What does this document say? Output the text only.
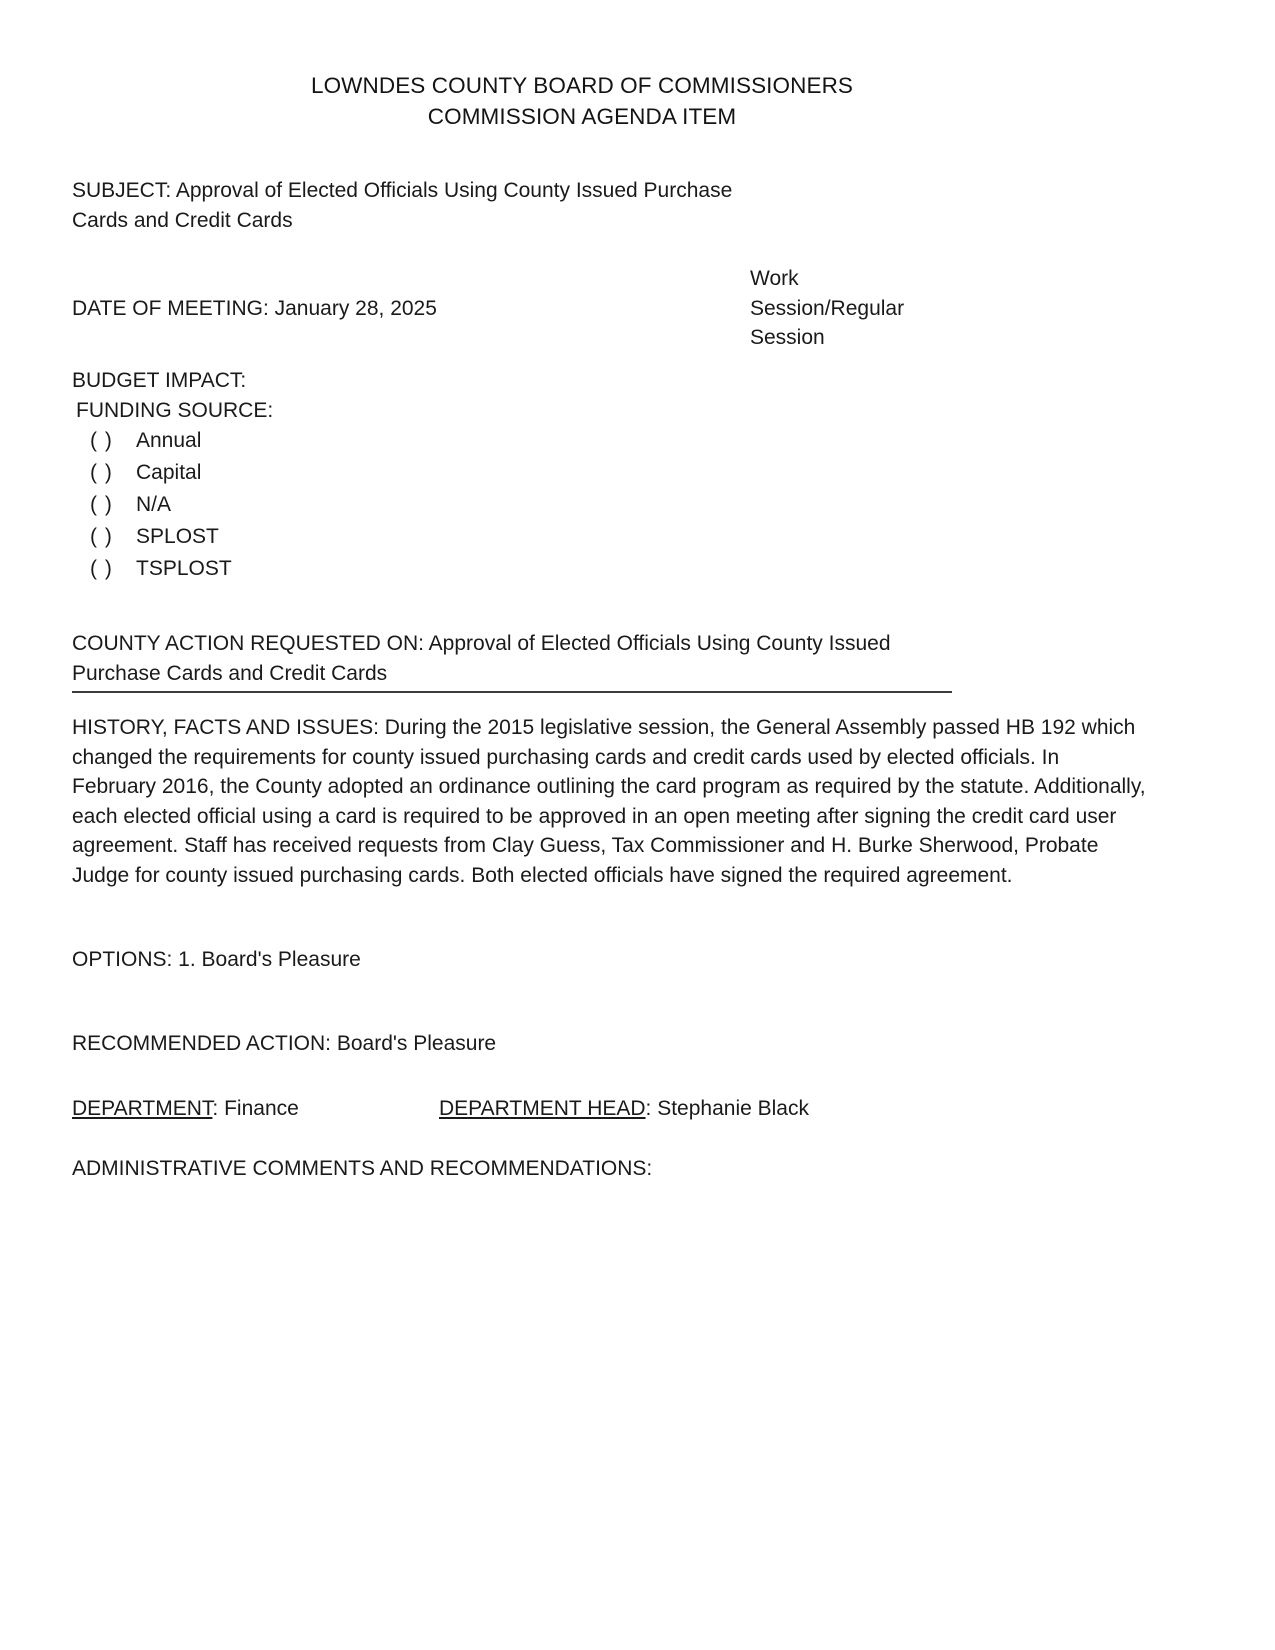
LOWNDES COUNTY BOARD OF COMMISSIONERS
COMMISSION AGENDA ITEM
SUBJECT: Approval of Elected Officials Using County Issued Purchase Cards and Credit Cards
DATE OF MEETING: January 28, 2025
Work
Session/Regular
Session
BUDGET IMPACT:
FUNDING SOURCE:
( )	Annual
( )	Capital
( )	N/A
( )	SPLOST
( )	TSPLOST
COUNTY ACTION REQUESTED ON: Approval of Elected Officials Using County Issued Purchase Cards and Credit Cards
HISTORY, FACTS AND ISSUES: During the 2015 legislative session, the General Assembly passed HB 192 which changed the requirements for county issued purchasing cards and credit cards used by elected officials. In February 2016, the County adopted an ordinance outlining the card program as required by the statute. Additionally, each elected official using a card is required to be approved in an open meeting after signing the credit card user agreement. Staff has received requests from Clay Guess, Tax Commissioner and H. Burke Sherwood, Probate Judge for county issued purchasing cards. Both elected officials have signed the required agreement.
OPTIONS: 1. Board's Pleasure
RECOMMENDED ACTION: Board's Pleasure
DEPARTMENT: Finance	DEPARTMENT HEAD: Stephanie Black
ADMINISTRATIVE COMMENTS AND RECOMMENDATIONS:
